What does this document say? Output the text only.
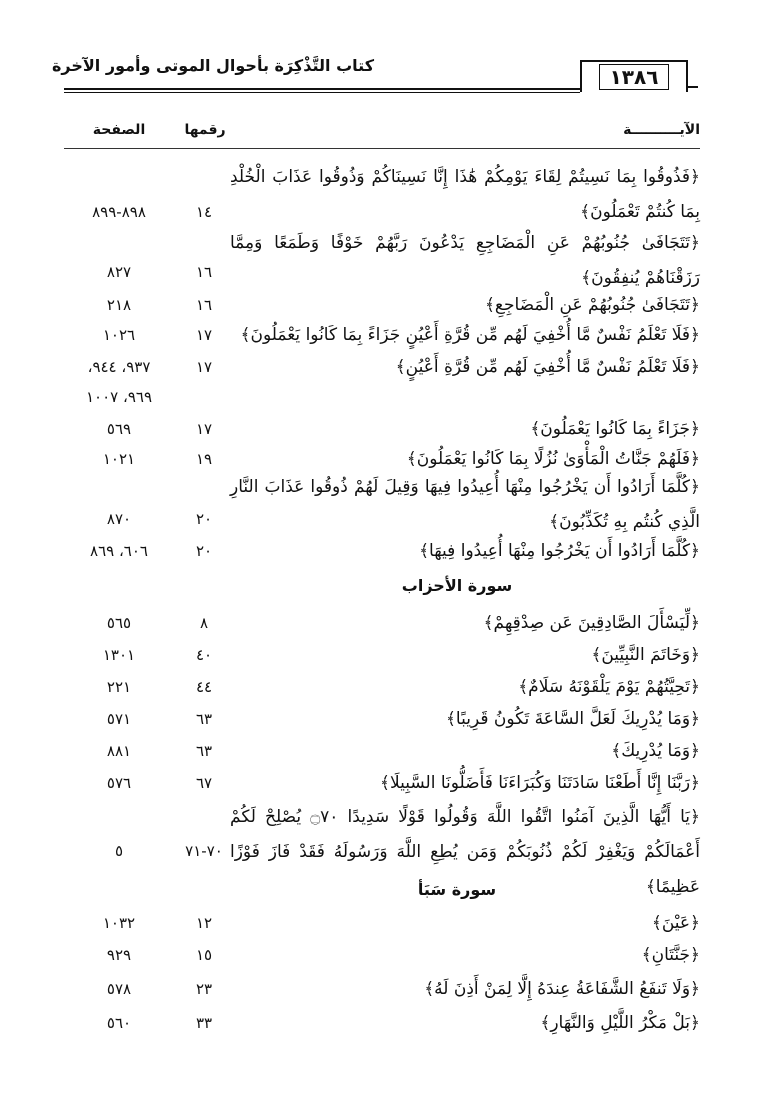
كتاب التَّذْكِرَة بأحوال الموتى وأمور الآخرة	١٣٨٦
الآيــــــــــة
رقمها
الصفحة
﴿فَذُوقُوا بِمَا نَسِيتُمْ لِقَاءَ يَوْمِكُمْ هَٰذَا إِنَّا نَسِينَاكُمْ وَذُوقُوا عَذَابَ الْخُلْدِ بِمَا كُنتُمْ تَعْمَلُونَ﴾
١٤
٨٩٨-٨٩٩
﴿تَتَجَافَىٰ جُنُوبُهُمْ عَنِ الْمَضَاجِعِ يَدْعُونَ رَبَّهُمْ خَوْفًا وَطَمَعًا وَمِمَّا رَزَقْنَاهُمْ يُنفِقُونَ﴾
١٦
٨٢٧
﴿تَتَجَافَىٰ جُنُوبُهُمْ عَنِ الْمَضَاجِعِ﴾
١٦
٢١٨
﴿فَلَا تَعْلَمُ نَفْسٌ مَّا أُخْفِيَ لَهُم مِّن قُرَّةِ أَعْيُنٍ جَزَاءً بِمَا كَانُوا يَعْمَلُونَ﴾
١٧
١٠٢٦
﴿فَلَا تَعْلَمُ نَفْسٌ مَّا أُخْفِيَ لَهُم مِّن قُرَّةِ أَعْيُنٍ﴾
١٧
٩٣٧، ٩٤٤،
٩٦٩، ١٠٠٧
﴿جَزَاءً بِمَا كَانُوا يَعْمَلُونَ﴾
١٧
٥٦٩
﴿فَلَهُمْ جَنَّاتُ الْمَأْوَىٰ نُزُلًا بِمَا كَانُوا يَعْمَلُونَ﴾
١٩
١٠٢١
﴿كُلَّمَا أَرَادُوا أَن يَخْرُجُوا مِنْهَا أُعِيدُوا فِيهَا وَقِيلَ لَهُمْ ذُوقُوا عَذَابَ النَّارِ الَّذِي كُنتُم بِهِ تُكَذِّبُونَ﴾
٢٠
٨٧٠
﴿كُلَّمَا أَرَادُوا أَن يَخْرُجُوا مِنْهَا أُعِيدُوا فِيهَا﴾
٢٠
٦٠٦، ٨٦٩
سورة الأحزاب
﴿لِّيَسْأَلَ الصَّادِقِينَ عَن صِدْقِهِمْ﴾
٨
٥٦٥
﴿وَخَاتَمَ النَّبِيِّينَ﴾
٤٠
١٣٠١
﴿تَحِيَّتُهُمْ يَوْمَ يَلْقَوْنَهُ سَلَامٌ﴾
٤٤
٢٢١
﴿وَمَا يُدْرِيكَ لَعَلَّ السَّاعَةَ تَكُونُ قَرِيبًا﴾
٦٣
٥٧١
﴿وَمَا يُدْرِيكَ﴾
٦٣
٨٨١
﴿رَبَّنَا إِنَّا أَطَعْنَا سَادَتَنَا وَكُبَرَاءَنَا فَأَضَلُّونَا السَّبِيلَا﴾
٦٧
٥٧٦
﴿يَا أَيُّهَا الَّذِينَ آمَنُوا اتَّقُوا اللَّهَ وَقُولُوا قَوْلًا سَدِيدًا ۝٧٠ يُصْلِحْ لَكُمْ أَعْمَالَكُمْ وَيَغْفِرْ لَكُمْ ذُنُوبَكُمْ وَمَن يُطِعِ اللَّهَ وَرَسُولَهُ فَقَدْ فَازَ فَوْزًا عَظِيمًا﴾
٧٠-٧١
٥
سورة سَبَأ
﴿عَيْنَ﴾
١٢
١٠٣٢
﴿جَنَّتَانِ﴾
١٥
٩٢٩
﴿وَلَا تَنفَعُ الشَّفَاعَةُ عِندَهُ إِلَّا لِمَنْ أَذِنَ لَهُ﴾
٢٣
٥٧٨
﴿بَلْ مَكْرُ اللَّيْلِ وَالنَّهَارِ﴾
٣٣
٥٦٠
